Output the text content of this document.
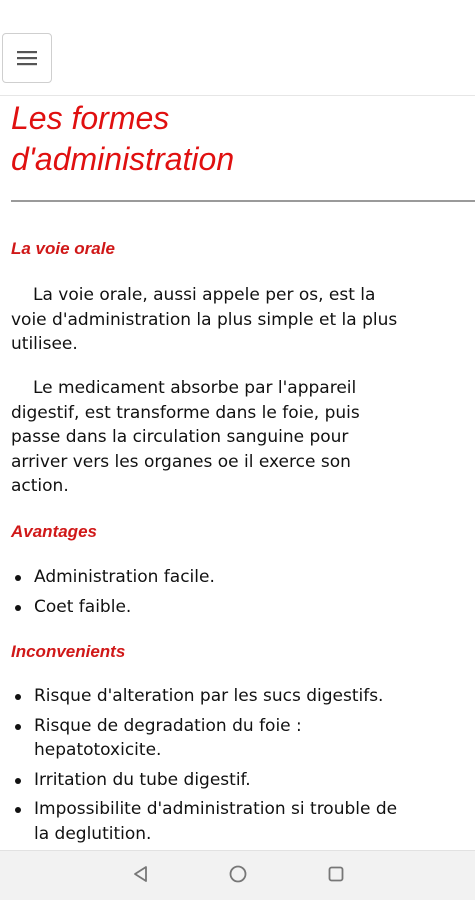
Les formes
d'administration
La voie orale

La voie orale, aussi appele per os, est la
voie d'administration la plus simple et la plus
utilisee.

Le medicament absorbe par l'appareil
digestif, est transforme dans le foie, puis
passe dans la circulation sanguine pour
arriver vers les organes oe il exerce son
action.

Avantages
Administration facile.
Coet faible.
Inconvenients
Risque d'alteration par les sucs digestifs.
Risque de degradation du foie :
hepatotoxicite.
Irritation du tube digestif.
Impossibilite d'administration si trouble de
la deglutition.
